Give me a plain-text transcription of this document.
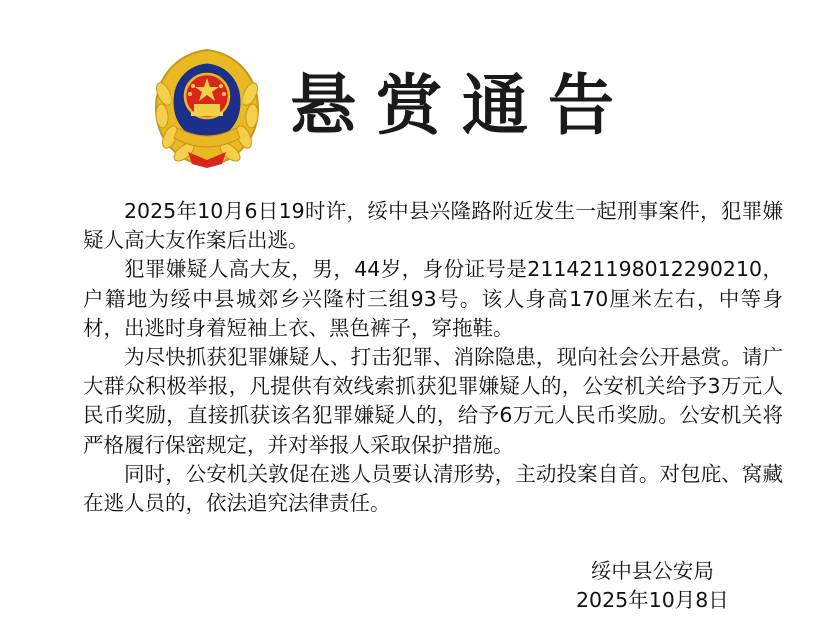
悬赏通告

2025年10月6日19时许，绥中县兴隆路附近发生一起刑事案件，犯罪嫌疑人高大友作案后出逃。

犯罪嫌疑人高大友，男，44岁，身份证号是211421198012290210，户籍地为绥中县城郊乡兴隆村三组93号。该人身高170厘米左右，中等身材，出逃时身着短袖上衣、黑色裤子，穿拖鞋。

为尽快抓获犯罪嫌疑人、打击犯罪、消除隐患，现向社会公开悬赏。请广大群众积极举报，凡提供有效线索抓获犯罪嫌疑人的，公安机关给予3万元人民币奖励，直接抓获该名犯罪嫌疑人的，给予6万元人民币奖励。公安机关将严格履行保密规定，并对举报人采取保护措施。

同时，公安机关敦促在逃人员要认清形势，主动投案自首。对包庇、窝藏在逃人员的，依法追究法律责任。

绥中县公安局
2025年10月8日
